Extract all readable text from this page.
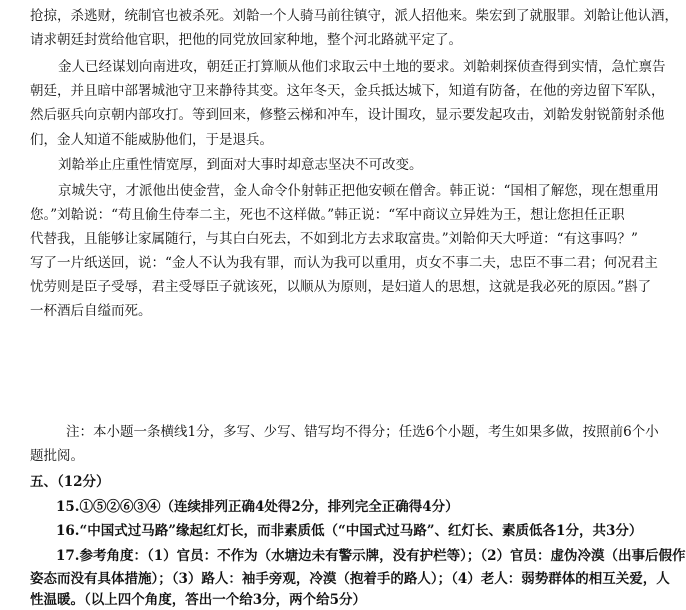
抢掠，杀逃财，统制官也被杀死。刘韐一个人骑马前往镇守，派人招他来。柴宏到了就服罪。刘韐让他认酒，
请求朝廷封赏给他官职，把他的同党放回家种地，整个河北路就平定了。
金人已经谋划向南进攻，朝廷正打算顺从他们求取云中土地的要求。刘韐刺探侦查得到实情，急忙禀告
朝廷，并且暗中部署城池守卫来静待其变。这年冬天，金兵抵达城下，知道有防备，在他的旁边留下军队，
然后驱兵向京朝内部攻打。等到回来，修整云梯和冲车，设计围攻，显示要发起攻击，刘韐发射锐箭射杀他
们，金人知道不能威胁他们，于是退兵。
刘韐举止庄重性情宽厚，到面对大事时却意志坚决不可改变。
京城失守，才派他出使金营，金人命令仆射韩正把他安顿在僧舍。韩正说：“国相了解您，现在想重用
您。”刘韐说：“苟且偷生侍奉二主，死也不这样做。”韩正说：“军中商议立异姓为王，想让您担任正职
代替我，且能够让家属随行，与其白白死去，不如到北方去求取富贵。”刘韐仰天大呼道：“有这事吗？”
写了一片纸送回，说：“金人不认为我有罪，而认为我可以重用，贞女不事二夫，忠臣不事二君；何况君主
忧劳则是臣子受辱，君主受辱臣子就该死，以顺从为原则，是妇道人的思想，这就是我必死的原因。”斟了
一杯酒后自缢而死。
注：本小题一条横线1分，多写、少写、错写均不得分；任选6个小题，考生如果多做，按照前6个小
题批阅。
五、（12分）
15.①⑤②⑥③④（连续排列正确4处得2分，排列完全正确得4分）
16.“中国式过马路”缘起红灯长，而非素质低（“中国式过马路”、红灯长、素质低各1分，共3分）
17.参考角度：（1）官员：不作为（水塘边未有警示牌，没有护栏等）；（2）官员：虚伪冷漠（出事后假作
姿态而没有具体措施）；（3）路人：袖手旁观，冷漠（抱着手的路人）；（4）老人：弱势群体的相互关爱，人
性温暖。（以上四个角度，答出一个给3分，两个给5分）
